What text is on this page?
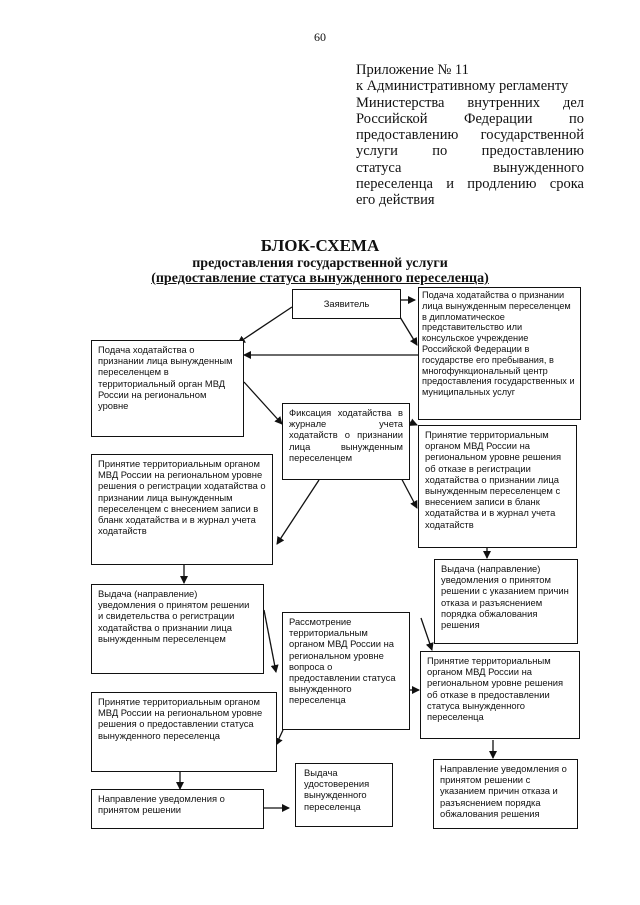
60
Приложение № 11
к Административному регламенту
Министерства внутренних дел
Российской Федерации по
предоставлению государственной
услуги по предоставлению
статуса вынужденного
переселенца и продлению срока
его действия
БЛОК-СХЕМА
предоставления государственной услуги
(предоставление статуса вынужденного переселенца)
Заявитель
Подача ходатайства о признании лица вынужденным переселенцем в дипломатическое представительство или консульское учреждение Российской Федерации в государстве его пребывания, в многофункциональный центр предоставления государственных и муниципальных услуг
Подача ходатайства о признании лица вынужденным переселенцем в территориальный орган МВД России на региональном уровне
Фиксация ходатайства в журнале учета ходатайств о признании лица вынужденным переселенцем
Принятие территориальным органом МВД России на региональном уровне решения об отказе в регистрации ходатайства о признании лица вынужденным переселенцем с внесением записи в бланк ходатайства и в журнал учета ходатайств
Принятие территориальным органом МВД России на региональном уровне решения о регистрации ходатайства о признании лица вынужденным переселенцем с внесением записи в бланк ходатайства и в журнал учета ходатайств
Выдача (направление) уведомления о принятом решении с указанием причин отказа и разъяснением порядка обжалования решения
Выдача (направление) уведомления о принятом решении и свидетельства о регистрации ходатайства о признании лица вынужденным переселенцем
Рассмотрение территориальным органом МВД России на региональном уровне вопроса о предоставлении статуса вынужденного переселенца
Принятие территориальным органом МВД России на региональном уровне решения об отказе в предоставлении статуса вынужденного переселенца
Принятие территориальным органом МВД России на региональном уровне решения о предоставлении статуса вынужденного переселенца
Выдача удостоверения вынужденного переселенца
Направление уведомления о принятом решении с указанием причин отказа и разъяснением порядка обжалования решения
Направление уведомления о принятом решении
